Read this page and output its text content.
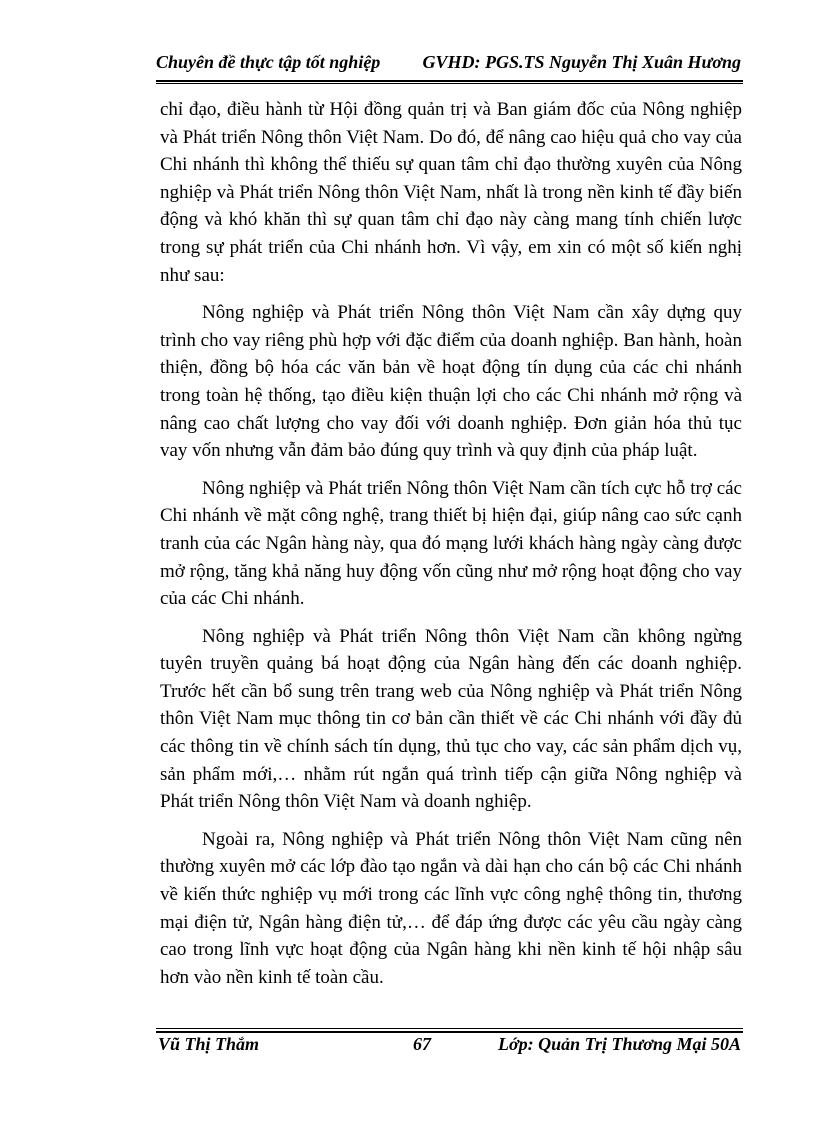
Chuyên đề thực tập tốt nghiệp GVHD: PGS.TS Nguyễn Thị Xuân Hương

chỉ đạo, điều hành từ Hội đồng quản trị và Ban giám đốc của Nông nghiệp và Phát triển Nông thôn Việt Nam. Do đó, để nâng cao hiệu quả cho vay của Chi nhánh thì không thể thiếu sự quan tâm chỉ đạo thường xuyên của Nông nghiệp và Phát triển Nông thôn Việt Nam, nhất là trong nền kinh tế đầy biến động và khó khăn thì sự quan tâm chỉ đạo này càng mang tính chiến lược trong sự phát triển của Chi nhánh hơn. Vì vậy, em xin có một số kiến nghị như sau:

Nông nghiệp và Phát triển Nông thôn Việt Nam cần xây dựng quy trình cho vay riêng phù hợp với đặc điểm của doanh nghiệp. Ban hành, hoàn thiện, đồng bộ hóa các văn bản về hoạt động tín dụng của các chi nhánh trong toàn hệ thống, tạo điều kiện thuận lợi cho các Chi nhánh mở rộng và nâng cao chất lượng cho vay đối với doanh nghiệp. Đơn giản hóa thủ tục vay vốn nhưng vẫn đảm bảo đúng quy trình và quy định của pháp luật.

Nông nghiệp và Phát triển Nông thôn Việt Nam cần tích cực hỗ trợ các Chi nhánh về mặt công nghệ, trang thiết bị hiện đại, giúp nâng cao sức cạnh tranh của các Ngân hàng này, qua đó mạng lưới khách hàng ngày càng được mở rộng, tăng khả năng huy động vốn cũng như mở rộng hoạt động cho vay của các Chi nhánh.

Nông nghiệp và Phát triển Nông thôn Việt Nam cần không ngừng tuyên truyền quảng bá hoạt động của Ngân hàng đến các doanh nghiệp. Trước hết cần bổ sung trên trang web của Nông nghiệp và Phát triển Nông thôn Việt Nam mục thông tin cơ bản cần thiết về các Chi nhánh với đầy đủ các thông tin về chính sách tín dụng, thủ tục cho vay, các sản phẩm dịch vụ, sản phẩm mới,… nhằm rút ngắn quá trình tiếp cận giữa Nông nghiệp và Phát triển Nông thôn Việt Nam và doanh nghiệp.

Ngoài ra, Nông nghiệp và Phát triển Nông thôn Việt Nam cũng nên thường xuyên mở các lớp đào tạo ngắn và dài hạn cho cán bộ các Chi nhánh về kiến thức nghiệp vụ mới trong các lĩnh vực công nghệ thông tin, thương mại điện tử, Ngân hàng điện tử,… để đáp ứng được các yêu cầu ngày càng cao trong lĩnh vực hoạt động của Ngân hàng khi nền kinh tế hội nhập sâu hơn vào nền kinh tế toàn cầu.

Vũ Thị Thắm	67	Lớp: Quản Trị Thương Mại 50A
